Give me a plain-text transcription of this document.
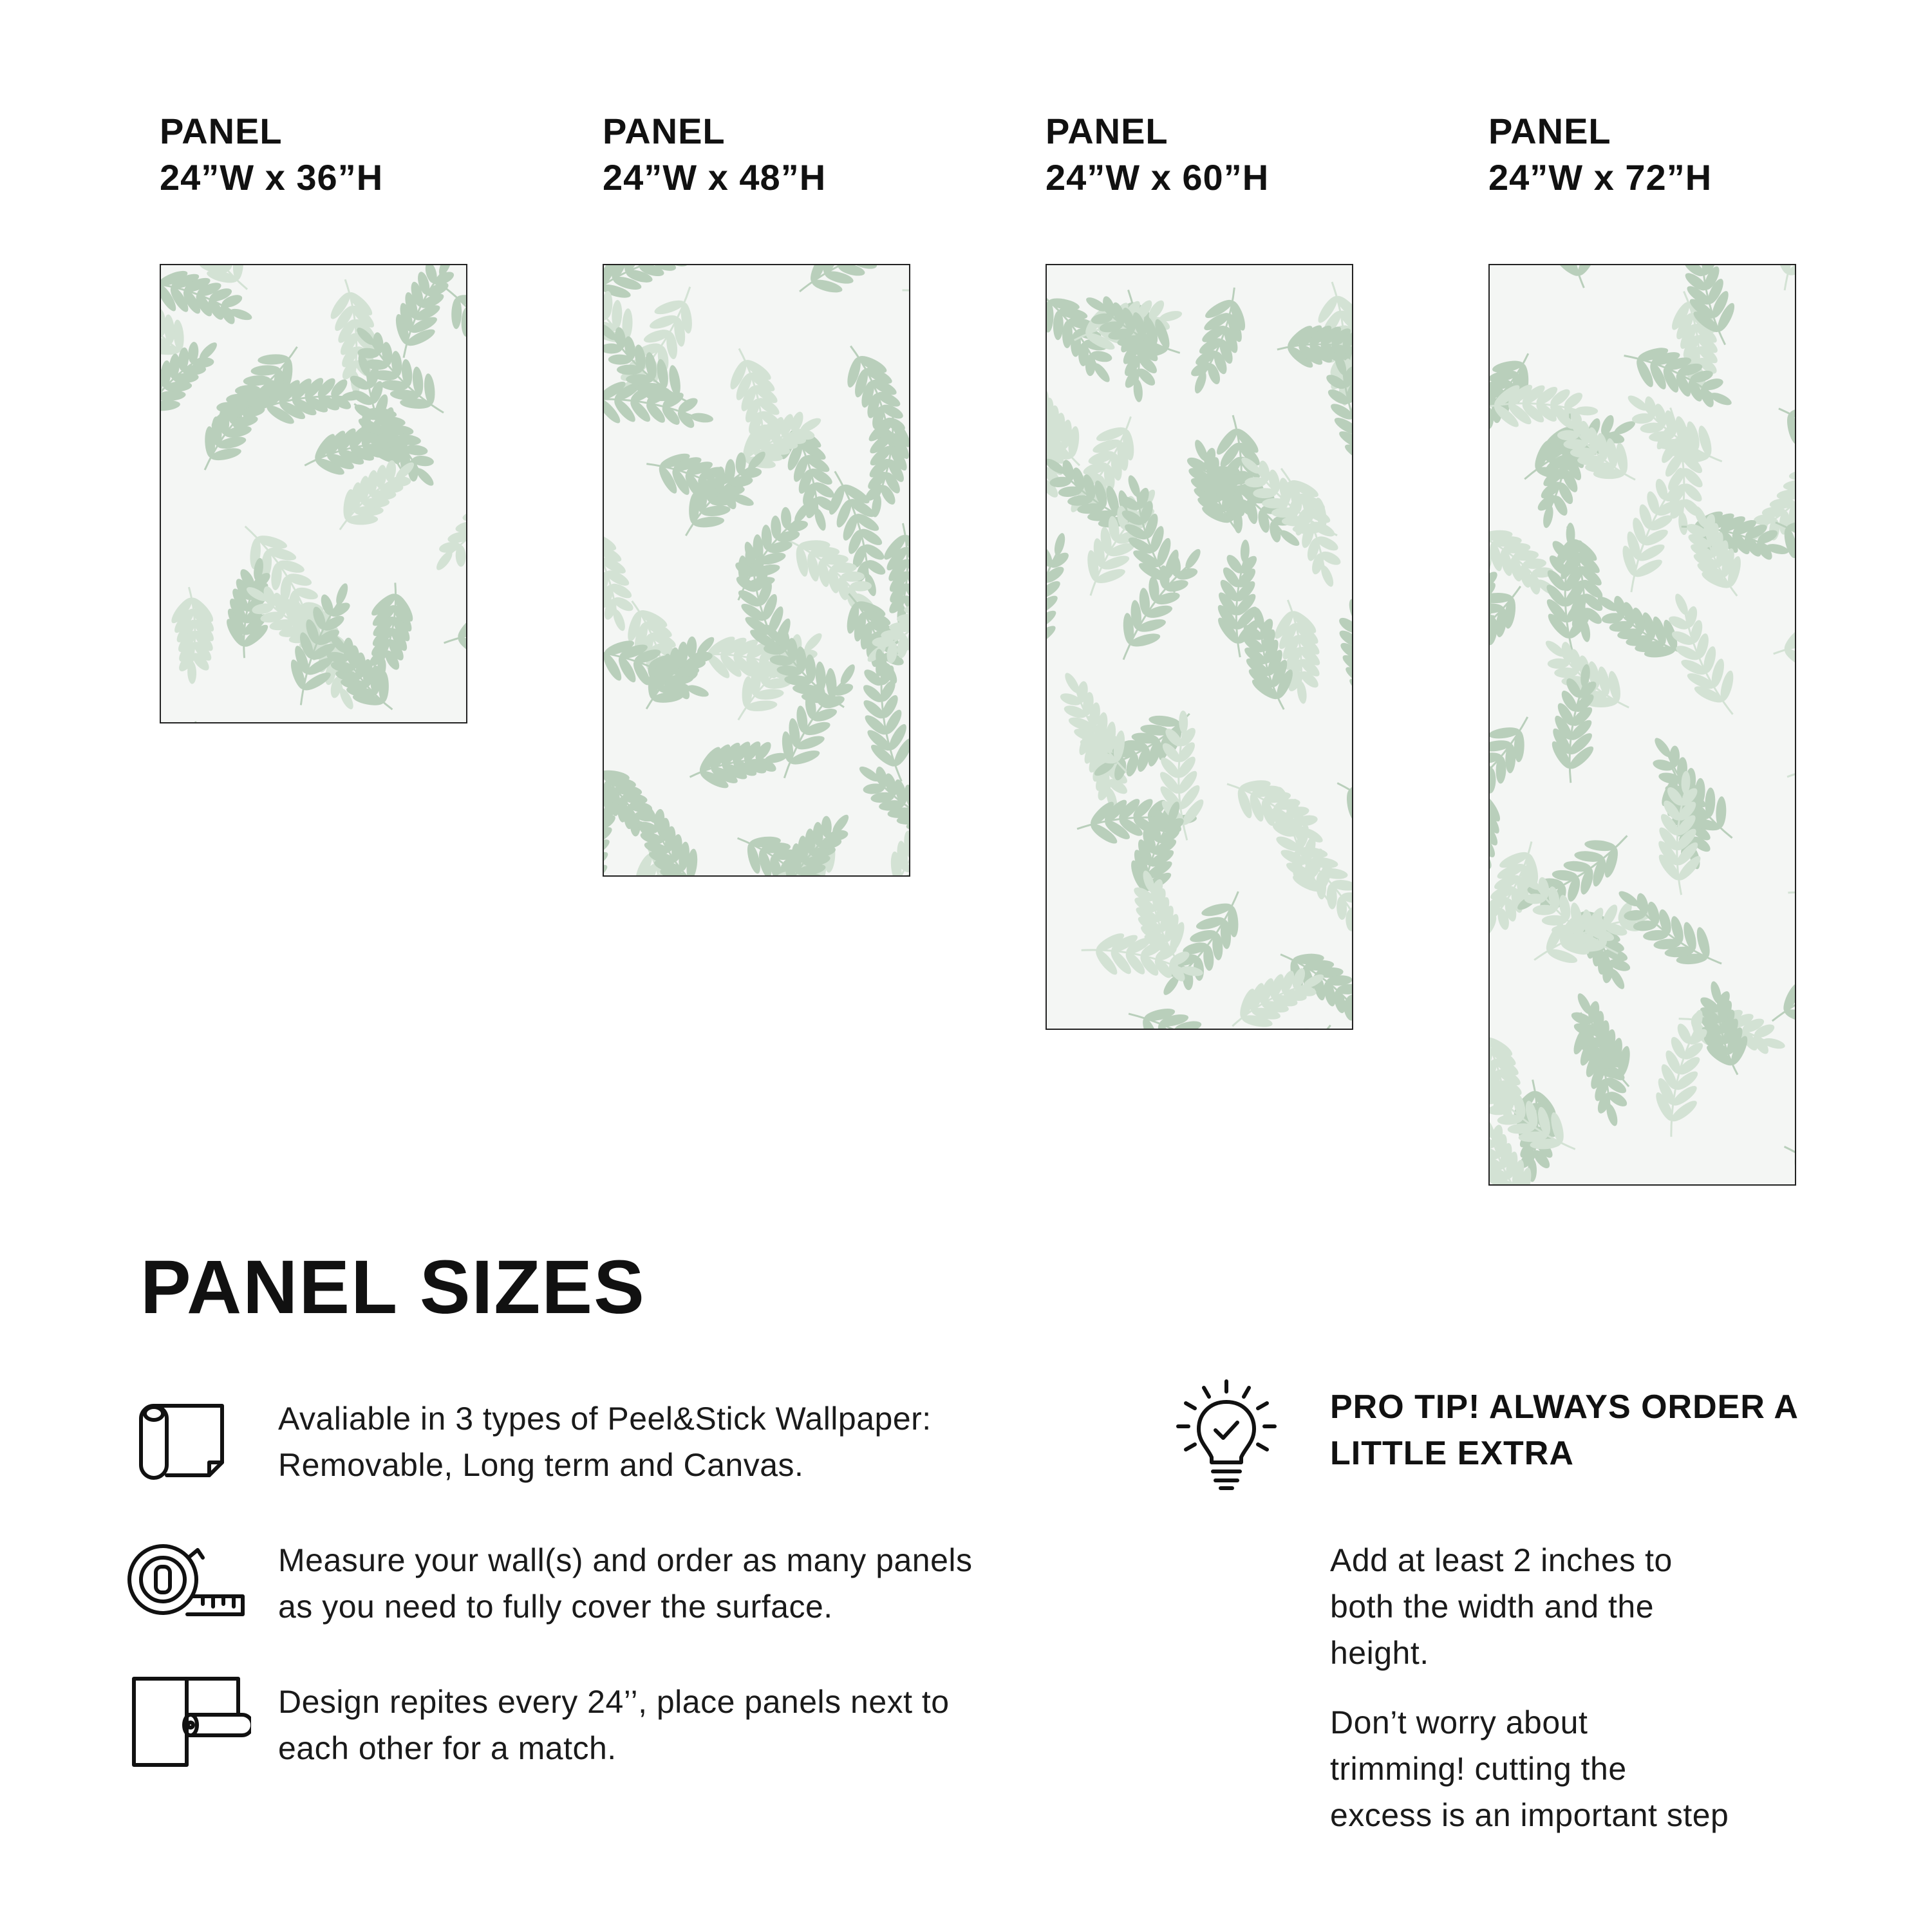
PANEL
24”W x 36”H
PANEL
24”W x 48”H
PANEL
24”W x 60”H
PANEL
24”W x 72”H
PANEL SIZES
Avaliable in 3 types of Peel&Stick Wallpaper:
Removable, Long term and Canvas.
Measure your wall(s) and order as many panels
as you need to fully cover the surface.
Design repites every 24’’, place panels next to
each other for a match.
PRO TIP! ALWAYS ORDER A
LITTLE EXTRA
Add at least 2 inches to
both the width and the
height.
Don’t worry about
trimming! cutting the
excess is an important step
